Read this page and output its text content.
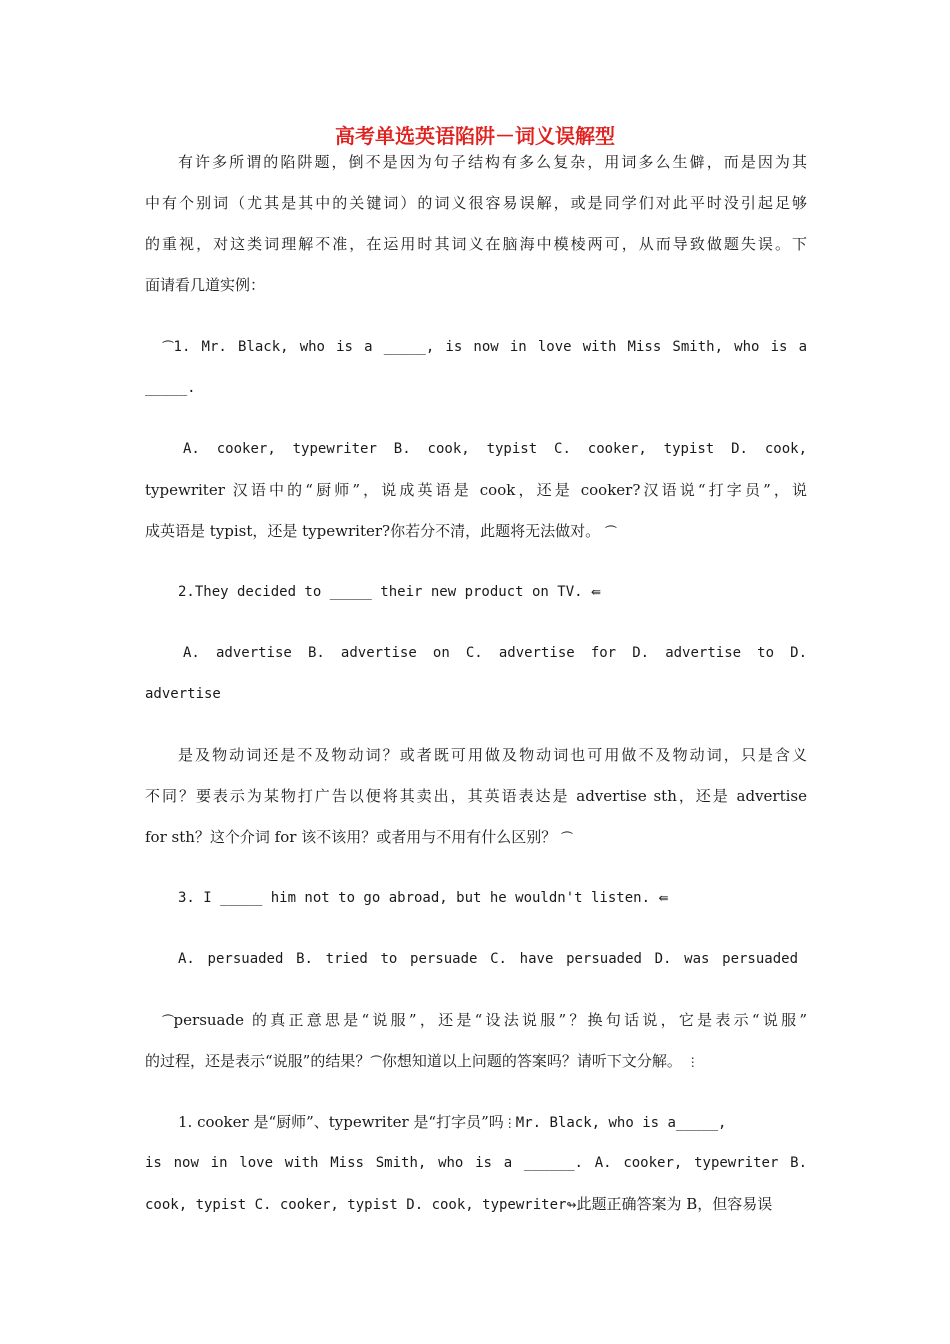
高考单选英语陷阱－词义误解型
有许多所谓的陷阱题，倒不是因为句子结构有多么复杂，用词多么生僻，而是因为其
中有个别词（尤其是其中的关键词）的词义很容易误解，或是同学们对此平时没引起足够
的重视，对这类词理解不准，在运用时其词义在脑海中模棱两可，从而导致做题失误。下
面请看几道实例：
⏜1. Mr. Black, who is a _____, is now in love with Miss Smith, who is a
_____.
A. cooker, typewriter B. cook, typist C. cooker, typist D. cook,
typewriter 汉语中的“厨师”，说成英语是 cook，还是 cooker?汉语说“打字员”，说
成英语是 typist，还是 typewriter?你若分不清，此题将无法做对。 ⏜
2.They decided to _____ their new product on TV. ⇚
A. advertise B. advertise on C. advertise for D. advertise to D.
advertise
是及物动词还是不及物动词？或者既可用做及物动词也可用做不及物动词，只是含义
不同？要表示为某物打广告以便将其卖出，其英语表达是 advertise sth，还是 advertise
for sth？这个介词 for 该不该用？或者用与不用有什么区别？ ⏜
3. I _____ him not to go abroad, but he wouldn't listen. ⇚
A. persuaded B. tried to persuade C. have persuaded D. was persuaded
⏜persuade 的真正意思是“说服”，还是“设法说服”？换句话说，它是表示“说服”
的过程，还是表示“说服”的结果？⏜你想知道以上问题的答案吗？请听下文分解。 ⋮
1. cooker 是“厨师”、typewriter 是“打字员”吗⋮Mr. Black, who is a_____,
is now in love with Miss Smith, who is a ______. A. cooker, typewriter B.
cook, typist C. cooker, typist D. cook, typewriter↬此题正确答案为 B，但容易误
